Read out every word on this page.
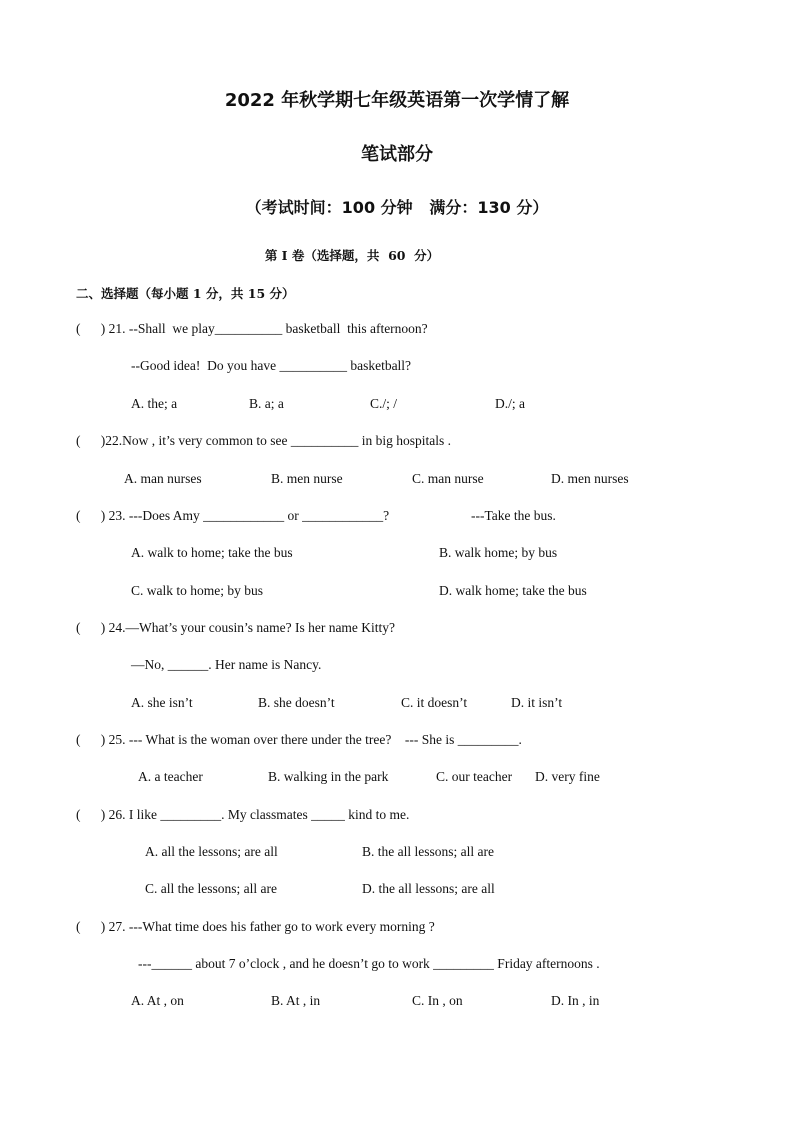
2022 年秋学期七年级英语第一次学情了解
笔试部分
（考试时间：100 分钟   满分：130 分）
第 I 卷（选择题，共  60  分）
二、选择题（每小题 1 分，共 15 分）
(      ) 21. --Shall  we play__________ basketball  this afternoon?
--Good idea!  Do you have __________ basketball?
A. the; a	B. a; a	C./; /	D./; a
(      )22.Now , it’s very common to see __________ in big hospitals .
A. man nurses	B. men nurse	C. man nurse	D. men nurses
(      ) 23. ---Does Amy ____________ or ____________?	---Take the bus.
A. walk to home; take the bus	B. walk home; by bus
C. walk to home; by bus	D. walk home; take the bus
(      ) 24.—What’s your cousin’s name? Is her name Kitty?
—No, ______. Her name is Nancy.
A. she isn’t	B. she doesn’t	C. it doesn’t	D. it isn’t
(      ) 25. --- What is the woman over there under the tree?    --- She is _________.
A. a teacher	B. walking in the park	C. our teacher D. very fine
(      ) 26. I like _________. My classmates _____ kind to me.
A. all the lessons; are all	B. the all lessons; all are
C. all the lessons; all are	D. the all lessons; are all
(      ) 27. ---What time does his father go to work every morning ?
---______ about 7 o’clock , and he doesn’t go to work _________ Friday afternoons .
A. At , on	B. At , in	C. In , on	D. In , in
